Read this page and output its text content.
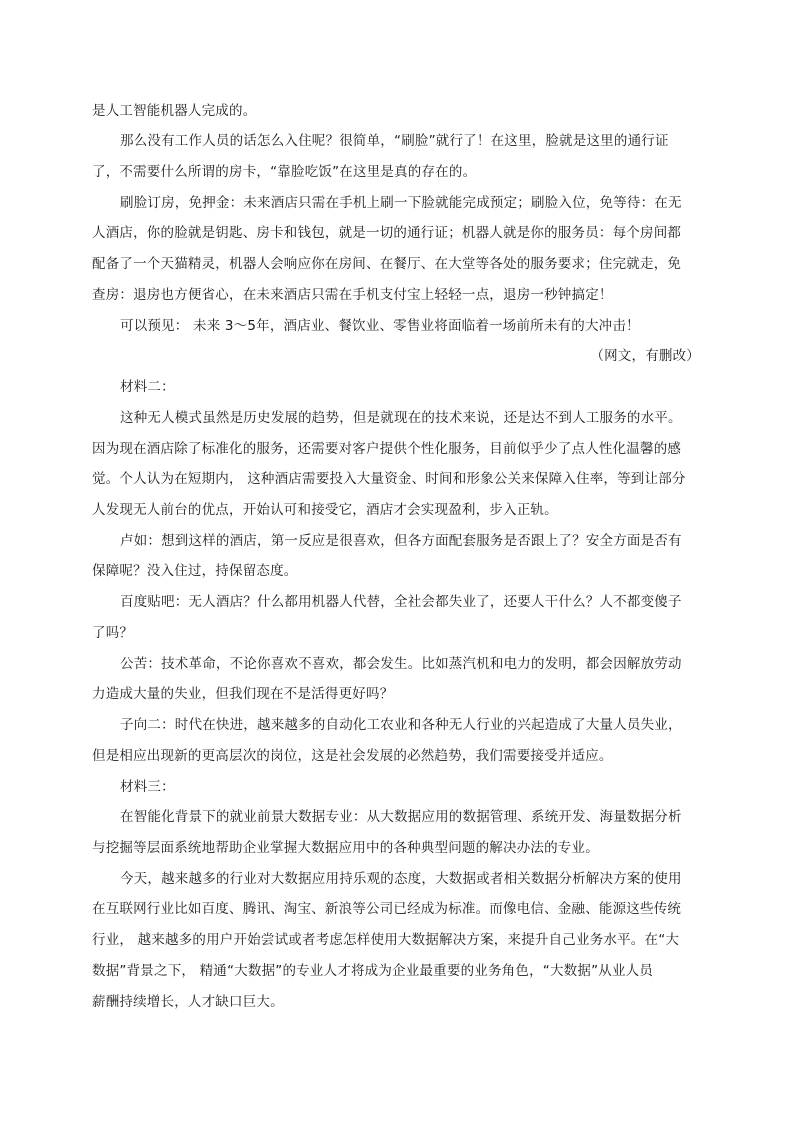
是人工智能机器人完成的。
那么没有工作人员的话怎么入住呢？很简单，“刷脸”就行了！在这里，脸就是这里的通行证
了，不需要什么所谓的房卡，“靠脸吃饭”在这里是真的存在的。
刷脸订房，免押金：未来酒店只需在手机上刷一下脸就能完成预定；刷脸入位，免等待：在无
人酒店，你的脸就是钥匙、房卡和钱包，就是一切的通行证；机器人就是你的服务员：每个房间都
配备了一个天猫精灵，机器人会响应你在房间、在餐厅、在大堂等各处的服务要求；住完就走，免
查房：退房也方便省心，在未来酒店只需在手机支付宝上轻轻一点，退房一秒钟搞定！
可以预见： 未来 3～5年，酒店业、餐饮业、零售业将面临着一场前所未有的大冲击！
（网文，有删改）
材料二：
这种无人模式虽然是历史发展的趋势，但是就现在的技术来说，还是达不到人工服务的水平。
因为现在酒店除了标准化的服务，还需要对客户提供个性化服务，目前似乎少了点人性化温馨的感
觉。个人认为在短期内， 这种酒店需要投入大量资金、时间和形象公关来保障入住率，等到让部分
人发现无人前台的优点，开始认可和接受它，酒店才会实现盈利，步入正轨。
卢如：想到这样的酒店，第一反应是很喜欢，但各方面配套服务是否跟上了？安全方面是否有
保障呢？没入住过，持保留态度。
百度贴吧：无人酒店？什么都用机器人代替，全社会都失业了，还要人干什么？人不都变傻子
了吗？
公苦：技术革命，不论你喜欢不喜欢，都会发生。比如蒸汽机和电力的发明，都会因解放劳动
力造成大量的失业，但我们现在不是活得更好吗？
子向二：时代在快进，越来越多的自动化工农业和各种无人行业的兴起造成了大量人员失业，
但是相应出现新的更高层次的岗位，这是社会发展的必然趋势，我们需要接受并适应。
材料三：
在智能化背景下的就业前景大数据专业：从大数据应用的数据管理、系统开发、海量数据分析
与挖掘等层面系统地帮助企业掌握大数据应用中的各种典型问题的解决办法的专业。
今天，越来越多的行业对大数据应用持乐观的态度，大数据或者相关数据分析解决方案的使用
在互联网行业比如百度、腾讯、淘宝、新浪等公司已经成为标准。而像电信、金融、能源这些传统
行业， 越来越多的用户开始尝试或者考虑怎样使用大数据解决方案，来提升自己业务水平。在“大
数据”背景之下， 精通“大数据”的专业人才将成为企业最重要的业务角色，“大数据”从业人员
薪酬持续增长，人才缺口巨大。
